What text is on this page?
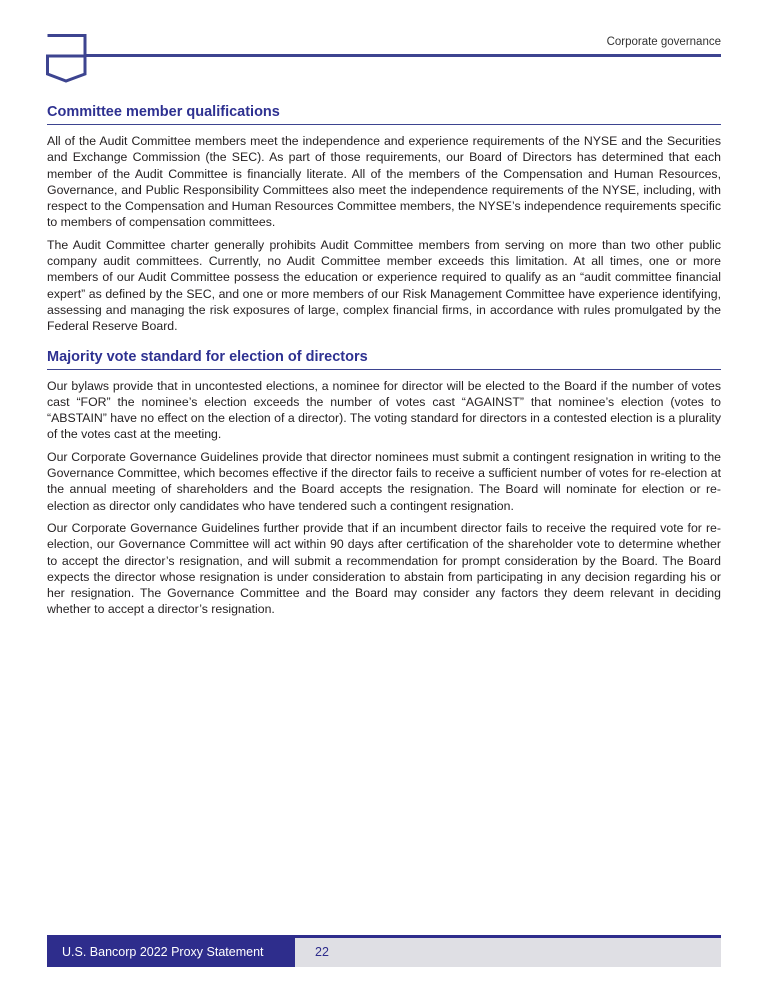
Corporate governance
Committee member qualifications

All of the Audit Committee members meet the independence and experience requirements of the NYSE and the Securities and Exchange Commission (the SEC). As part of those requirements, our Board of Directors has determined that each member of the Audit Committee is financially literate. All of the members of the Compensation and Human Resources, Governance, and Public Responsibility Committees also meet the independence requirements of the NYSE, including, with respect to the Compensation and Human Resources Committee members, the NYSE’s independence requirements specific to members of compensation committees.

The Audit Committee charter generally prohibits Audit Committee members from serving on more than two other public company audit committees. Currently, no Audit Committee member exceeds this limitation. At all times, one or more members of our Audit Committee possess the education or experience required to qualify as an “audit committee financial expert” as defined by the SEC, and one or more members of our Risk Management Committee have experience identifying, assessing and managing the risk exposures of large, complex financial firms, in accordance with rules promulgated by the Federal Reserve Board.

Majority vote standard for election of directors

Our bylaws provide that in uncontested elections, a nominee for director will be elected to the Board if the number of votes cast “FOR” the nominee’s election exceeds the number of votes cast “AGAINST” that nominee’s election (votes to “ABSTAIN” have no effect on the election of a director). The voting standard for directors in a contested election is a plurality of the votes cast at the meeting.

Our Corporate Governance Guidelines provide that director nominees must submit a contingent resignation in writing to the Governance Committee, which becomes effective if the director fails to receive a sufficient number of votes for re-election at the annual meeting of shareholders and the Board accepts the resignation. The Board will nominate for election or re-election as director only candidates who have tendered such a contingent resignation.

Our Corporate Governance Guidelines further provide that if an incumbent director fails to receive the required vote for re-election, our Governance Committee will act within 90 days after certification of the shareholder vote to determine whether to accept the director’s resignation, and will submit a recommendation for prompt consideration by the Board. The Board expects the director whose resignation is under consideration to abstain from participating in any decision regarding his or her resignation. The Governance Committee and the Board may consider any factors they deem relevant in deciding whether to accept a director’s resignation.

U.S. Bancorp 2022 Proxy Statement	22
